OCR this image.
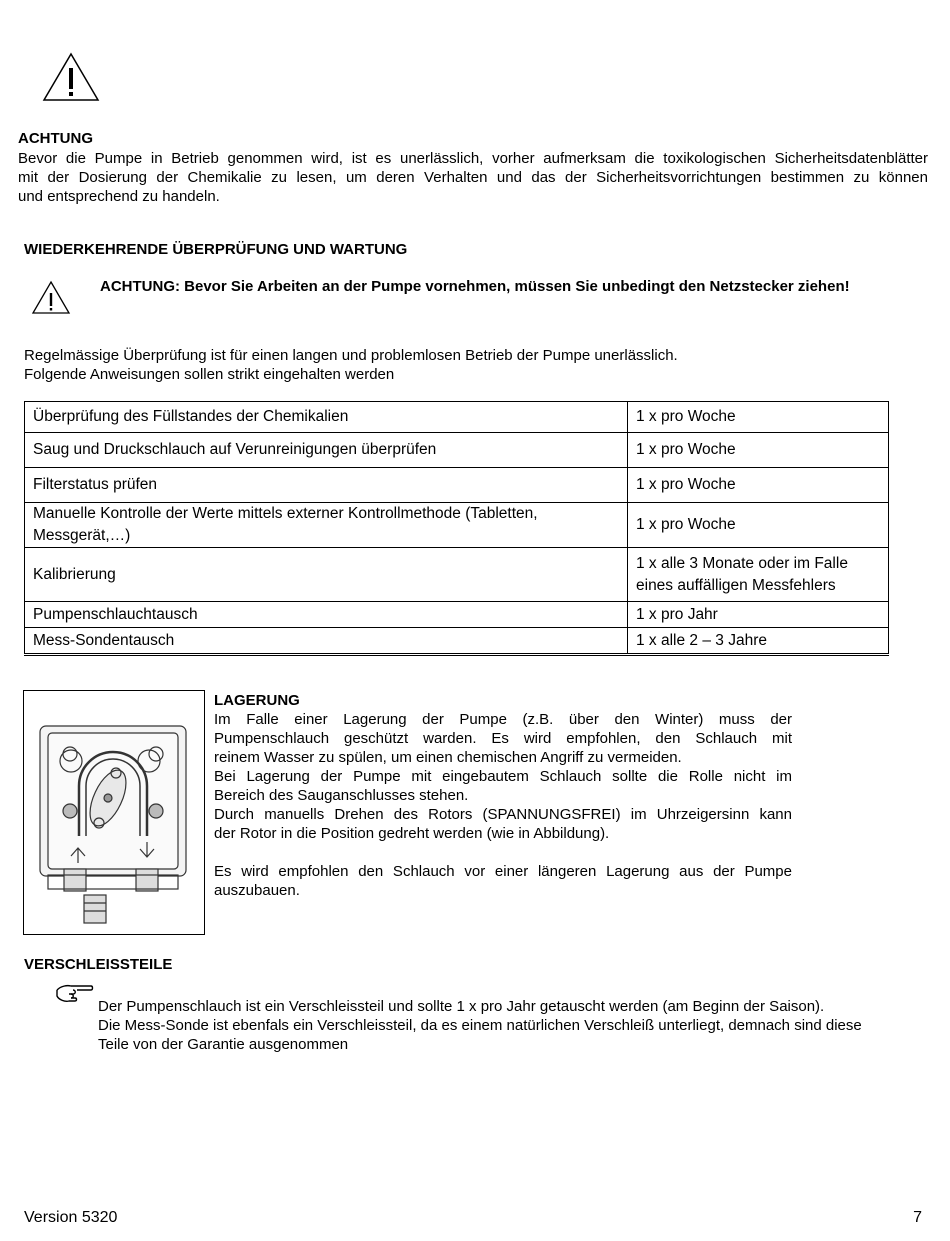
ACHTUNG
Bevor die Pumpe in Betrieb genommen wird, ist es unerlässlich, vorher aufmerksam die toxikologischen Sicherheitsdatenblätter
mit der Dosierung der Chemikalie zu lesen, um deren Verhalten und das der Sicherheitsvorrichtungen bestimmen zu können
und entsprechend zu handeln.
WIEDERKEHRENDE ÜBERPRÜFUNG UND WARTUNG
ACHTUNG: Bevor Sie Arbeiten an der Pumpe vornehmen, müssen Sie unbedingt den Netzstecker ziehen!
Regelmässige Überprüfung ist für einen langen und problemlosen Betrieb der Pumpe unerlässlich.
Folgende Anweisungen sollen strikt eingehalten werden
Überprüfung des Füllstandes der Chemikalien	1 x pro Woche
Saug und Druckschlauch auf Verunreinigungen überprüfen	1 x pro Woche
Filterstatus prüfen	1 x pro Woche
Manuelle Kontrolle der Werte mittels externer Kontrollmethode (Tabletten, Messgerät,…)	1 x pro Woche
Kalibrierung	1 x alle 3 Monate oder im Falle eines auffälligen Messfehlers
Pumpenschlauchtausch	1 x pro Jahr
Mess-Sondentausch	1 x alle 2 – 3 Jahre
LAGERUNG
Im Falle einer Lagerung der Pumpe (z.B. über den Winter) muss der
Pumpenschlauch geschützt warden. Es wird empfohlen, den Schlauch mit
reinem Wasser zu spülen, um einen chemischen Angriff zu vermeiden.
Bei Lagerung der Pumpe mit eingebautem Schlauch sollte die Rolle nicht im
Bereich des Sauganschlusses stehen.
Durch manuells Drehen des Rotors (SPANNUNGSFREI) im Uhrzeigersinn kann
der Rotor in die Position gedreht werden (wie in Abbildung).
Es wird empfohlen den Schlauch vor einer längeren Lagerung aus der Pumpe
auszubauen.
VERSCHLEISSTEILE
Der Pumpenschlauch ist ein Verschleissteil und sollte 1 x pro Jahr getauscht werden (am Beginn der Saison).
Die Mess-Sonde ist ebenfals ein Verschleissteil, da es einem natürlichen Verschleiß unterliegt, demnach sind diese
Teile von der Garantie ausgenommen
Version 5320	7
